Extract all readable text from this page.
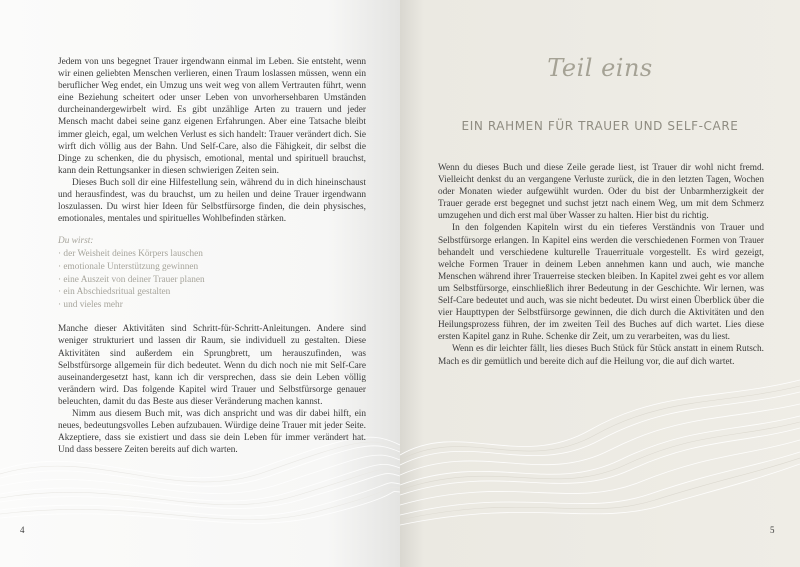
Jedem von uns begegnet Trauer irgendwann einmal im Leben. Sie entsteht, wenn wir einen geliebten Menschen verlieren, einen Traum loslassen müssen, wenn ein beruflicher Weg endet, ein Umzug uns weit weg von allem Vertrauten führt, wenn eine Beziehung scheitert oder unser Leben von unvorhersehbaren Umständen durcheinandergewirbelt wird. Es gibt unzählige Arten zu trauern und jeder Mensch macht dabei seine ganz eigenen Erfahrungen. Aber eine Tatsache bleibt immer gleich, egal, um welchen Verlust es sich handelt: Trauer verändert dich. Sie wirft dich völlig aus der Bahn. Und Self-Care, also die Fähigkeit, dir selbst die Dinge zu schenken, die du physisch, emotional, mental und spirituell brauchst, kann dein Rettungsanker in diesen schwierigen Zeiten sein.

Dieses Buch soll dir eine Hilfestellung sein, während du in dich hineinschaust und herausfindest, was du brauchst, um zu heilen und deine Trauer irgendwann loszulassen. Du wirst hier Ideen für Selbstfürsorge finden, die dein physisches, emotionales, mentales und spirituelles Wohlbefinden stärken.

Du wirst:
· der Weisheit deines Körpers lauschen
· emotionale Unterstützung gewinnen
· eine Auszeit von deiner Trauer planen
· ein Abschiedsritual gestalten
· und vieles mehr

Manche dieser Aktivitäten sind Schritt-für-Schritt-Anleitungen. Andere sind weniger strukturiert und lassen dir Raum, sie individuell zu gestalten. Diese Aktivitäten sind außerdem ein Sprungbrett, um herauszufinden, was Selbstfürsorge allgemein für dich bedeutet. Wenn du dich noch nie mit Self-Care auseinandergesetzt hast, kann ich dir versprechen, dass sie dein Leben völlig verändern wird. Das folgende Kapitel wird Trauer und Selbstfürsorge genauer beleuchten, damit du das Beste aus dieser Veränderung machen kannst.

Nimm aus diesem Buch mit, was dich anspricht und was dir dabei hilft, ein neues, bedeutungsvolles Leben aufzubauen. Würdige deine Trauer mit jeder Seite. Akzeptiere, dass sie existiert und dass sie dein Leben für immer verändert hat. Und dass bessere Zeiten bereits auf dich warten.

4
Teil eins
EIN RAHMEN FÜR TRAUER UND SELF-CARE

Wenn du dieses Buch und diese Zeile gerade liest, ist Trauer dir wohl nicht fremd. Vielleicht denkst du an vergangene Verluste zurück, die in den letzten Tagen, Wochen oder Monaten wieder aufgewühlt wurden. Oder du bist der Unbarmherzigkeit der Trauer gerade erst begegnet und suchst jetzt nach einem Weg, um mit dem Schmerz umzugehen und dich erst mal über Wasser zu halten. Hier bist du richtig.

In den folgenden Kapiteln wirst du ein tieferes Verständnis von Trauer und Selbstfürsorge erlangen. In Kapitel eins werden die verschiedenen Formen von Trauer behandelt und verschiedene kulturelle Trauerrituale vorgestellt. Es wird gezeigt, welche Formen Trauer in deinem Leben annehmen kann und auch, wie manche Menschen während ihrer Trauerreise stecken bleiben. In Kapitel zwei geht es vor allem um Selbstfürsorge, einschließlich ihrer Bedeutung in der Geschichte. Wir lernen, was Self-Care bedeutet und auch, was sie nicht bedeutet. Du wirst einen Überblick über die vier Haupttypen der Selbstfürsorge gewinnen, die dich durch die Aktivitäten und den Heilungsprozess führen, der im zweiten Teil des Buches auf dich wartet. Lies diese ersten Kapitel ganz in Ruhe. Schenke dir Zeit, um zu verarbeiten, was du liest.

Wenn es dir leichter fällt, lies dieses Buch Stück für Stück anstatt in einem Rutsch. Mach es dir gemütlich und bereite dich auf die Heilung vor, die auf dich wartet.

5
